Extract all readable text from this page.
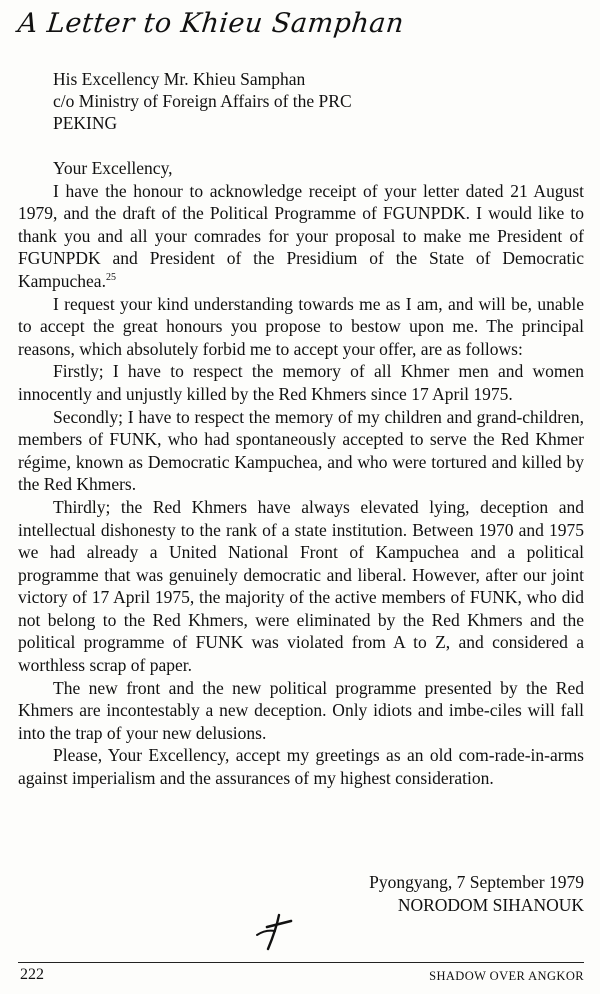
A Letter to Khieu Samphan
His Excellency Mr. Khieu Samphan
c/o Ministry of Foreign Affairs of the PRC
PEKING

Your Excellency,

I have the honour to acknowledge receipt of your letter dated 21 August 1979, and the draft of the Political Programme of FGUNPDK. I would like to thank you and all your comrades for your proposal to make me President of FGUNPDK and President of the Presidium of the State of Democratic Kampuchea.$^{25}$

I request your kind understanding towards me as I am, and will be, unable to accept the great honours you propose to bestow upon me. The principal reasons, which absolutely forbid me to accept your offer, are as follows:

Firstly; I have to respect the memory of all Khmer men and women innocently and unjustly killed by the Red Khmers since 17 April 1975.

Secondly; I have to respect the memory of my children and grand-children, members of FUNK, who had spontaneously accepted to serve the Red Khmer régime, known as Democratic Kampuchea, and who were tortured and killed by the Red Khmers.

Thirdly; the Red Khmers have always elevated lying, deception and intellectual dishonesty to the rank of a state institution. Between 1970 and 1975 we had already a United National Front of Kampuchea and a political programme that was genuinely democratic and liberal. However, after our joint victory of 17 April 1975, the majority of the active members of FUNK, who did not belong to the Red Khmers, were eliminated by the Red Khmers and the political programme of FUNK was violated from A to Z, and considered a worthless scrap of paper.

The new front and the new political programme presented by the Red Khmers are incontestably a new deception. Only idiots and imbe-ciles will fall into the trap of your new delusions.

Please, Your Excellency, accept my greetings as an old com-rade-in-arms against imperialism and the assurances of my highest consideration.

Pyongyang, 7 September 1979
NORODOM SIHANOUK
222	SHADOW OVER ANGKOR
